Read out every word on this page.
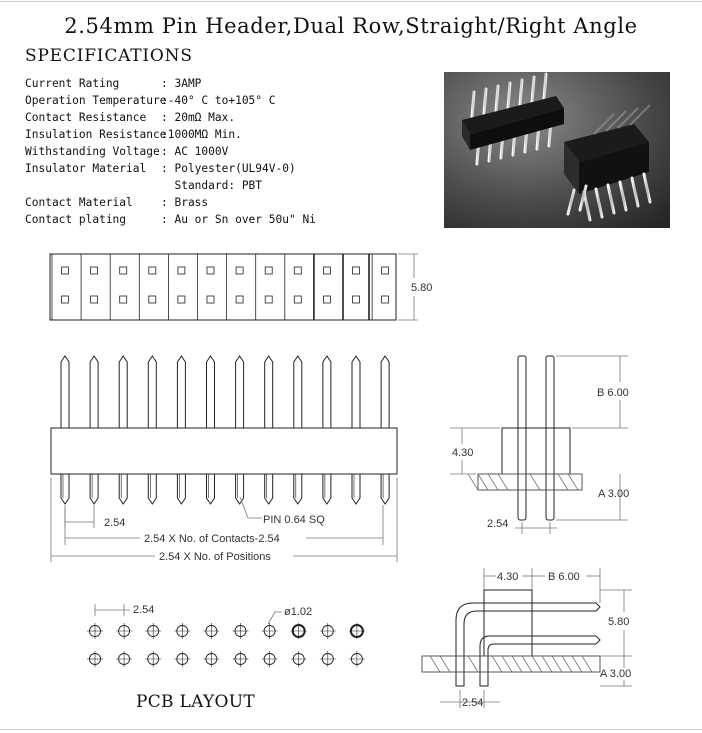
2.54mm Pin Header,Dual Row,Straight/Right Angle
SPECIFICATIONS
Current Rating	: 3AMP
Operation Temperature:-40° C to+105° C
Contact Resistance : 20mΩ Max.
Insulation Resistance:1000MΩ Min.
Withstanding Voltage: AC 1000V
Insulator Material : Polyester(UL94V-0)
Standard: PBT
Contact Material	: Brass
Contact plating	: Au or Sn over 50u" Ni
5.80
2.54	PIN 0.64 SQ
2.54 X No. of Contacts-2.54
2.54 X No. of Positions
B 6.00
4.30
A 3.00
2.54
4.30	B 6.00
5.80
A 3.00
2.54
2.54	ø1.02
PCB LAYOUT
